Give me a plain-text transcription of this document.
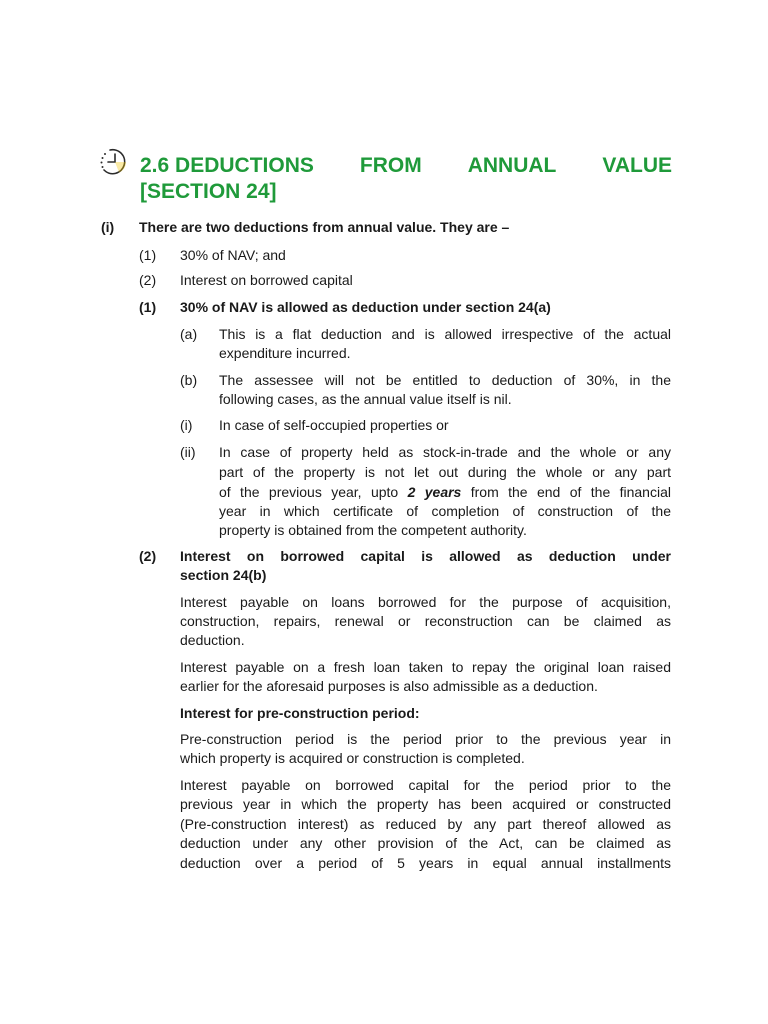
2.6 DEDUCTIONS FROM ANNUAL VALUE
[SECTION 24]
(i) There are two deductions from annual value. They are –
(1) 30% of NAV; and
(2) Interest on borrowed capital
(1) 30% of NAV is allowed as deduction under section 24(a)
(a) This is a flat deduction and is allowed irrespective of the actual
expenditure incurred.
(b) The assessee will not be entitled to deduction of 30%, in the
following cases, as the annual value itself is nil.
(i) In case of self-occupied properties or
(ii) In case of property held as stock-in-trade and the whole or any
part of the property is not let out during the whole or any part
of the previous year, upto 2 years from the end of the financial
year in which certificate of completion of construction of the
property is obtained from the competent authority.
(2) Interest on borrowed capital is allowed as deduction under
section 24(b)
Interest payable on loans borrowed for the purpose of acquisition,
construction, repairs, renewal or reconstruction can be claimed as
deduction.
Interest payable on a fresh loan taken to repay the original loan raised
earlier for the aforesaid purposes is also admissible as a deduction.
Interest for pre-construction period:
Pre-construction period is the period prior to the previous year in
which property is acquired or construction is completed.
Interest payable on borrowed capital for the period prior to the
previous year in which the property has been acquired or constructed
(Pre-construction interest) as reduced by any part thereof allowed as
deduction under any other provision of the Act, can be claimed as
deduction over a period of 5 years in equal annual installments
